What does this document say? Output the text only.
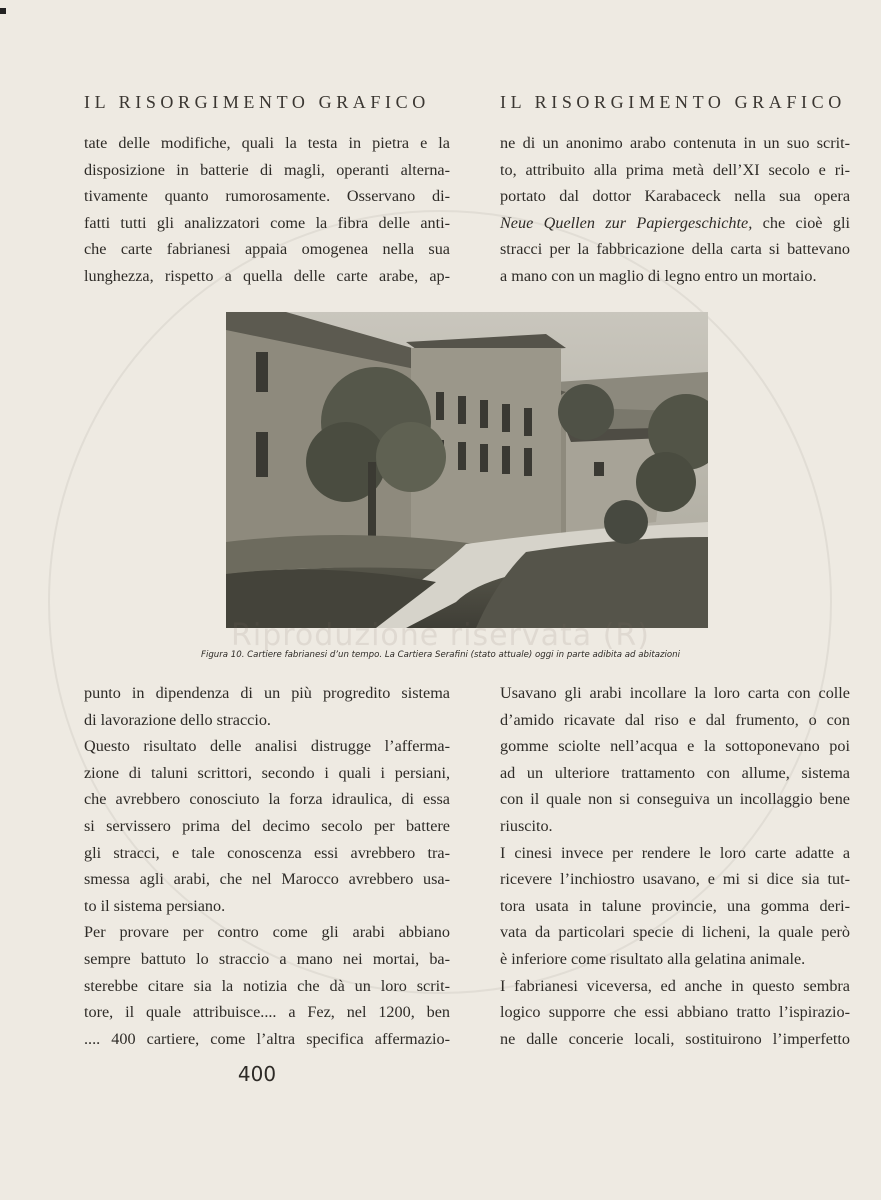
IL RISORGIMENTO GRAFICO	IL RISORGIMENTO GRAFICO

tate delle modifiche, quali la testa in pietra e la

disposizione in batterie di magli, operanti alterna-

tivamente quanto rumorosamente. Osservano di-

fatti tutti gli analizzatori come la fibra delle anti-

che carte fabrianesi appaia omogenea nella sua

lunghezza, rispetto a quella delle carte arabe, ap-

ne di un anonimo arabo contenuta in un suo scrit-

to, attribuito alla prima metà dell’XI secolo e ri-

portato dal dottor Karabaceck nella sua opera

Neue Quellen zur Papiergeschichte, che cioè gli

stracci per la fabbricazione della carta si battevano

a mano con un maglio di legno entro un mortaio.

Figura 10. Cartiere fabrianesi d’un tempo. La Cartiera Serafini (stato attuale) oggi in parte adibita ad abitazioni
Riproduzione riservata (R)

punto in dipendenza di un più progredito sistema

di lavorazione dello straccio.

Questo risultato delle analisi distrugge l’afferma-

zione di taluni scrittori, secondo i quali i persiani,

che avrebbero conosciuto la forza idraulica, di essa

si servissero prima del decimo secolo per battere

gli stracci, e tale conoscenza essi avrebbero tra-

smessa agli arabi, che nel Marocco avrebbero usa-

to il sistema persiano.

Per provare per contro come gli arabi abbiano

sempre battuto lo straccio a mano nei mortai, ba-

sterebbe citare sia la notizia che dà un loro scrit-

tore, il quale attribuisce.... a Fez, nel 1200, ben

.... 400 cartiere, come l’altra specifica affermazio-

Usavano gli arabi incollare la loro carta con colle

d’amido ricavate dal riso e dal frumento, o con

gomme sciolte nell’acqua e la sottoponevano poi

ad un ulteriore trattamento con allume, sistema

con il quale non si conseguiva un incollaggio bene

riuscito.

I cinesi invece per rendere le loro carte adatte a

ricevere l’inchiostro usavano, e mi si dice sia tut-

tora usata in talune provincie, una gomma deri-

vata da particolari specie di licheni, la quale però

è inferiore come risultato alla gelatina animale.

I fabrianesi viceversa, ed anche in questo sembra

logico supporre che essi abbiano tratto l’ispirazio-

ne dalle concerie locali, sostituirono l’imperfetto

400
